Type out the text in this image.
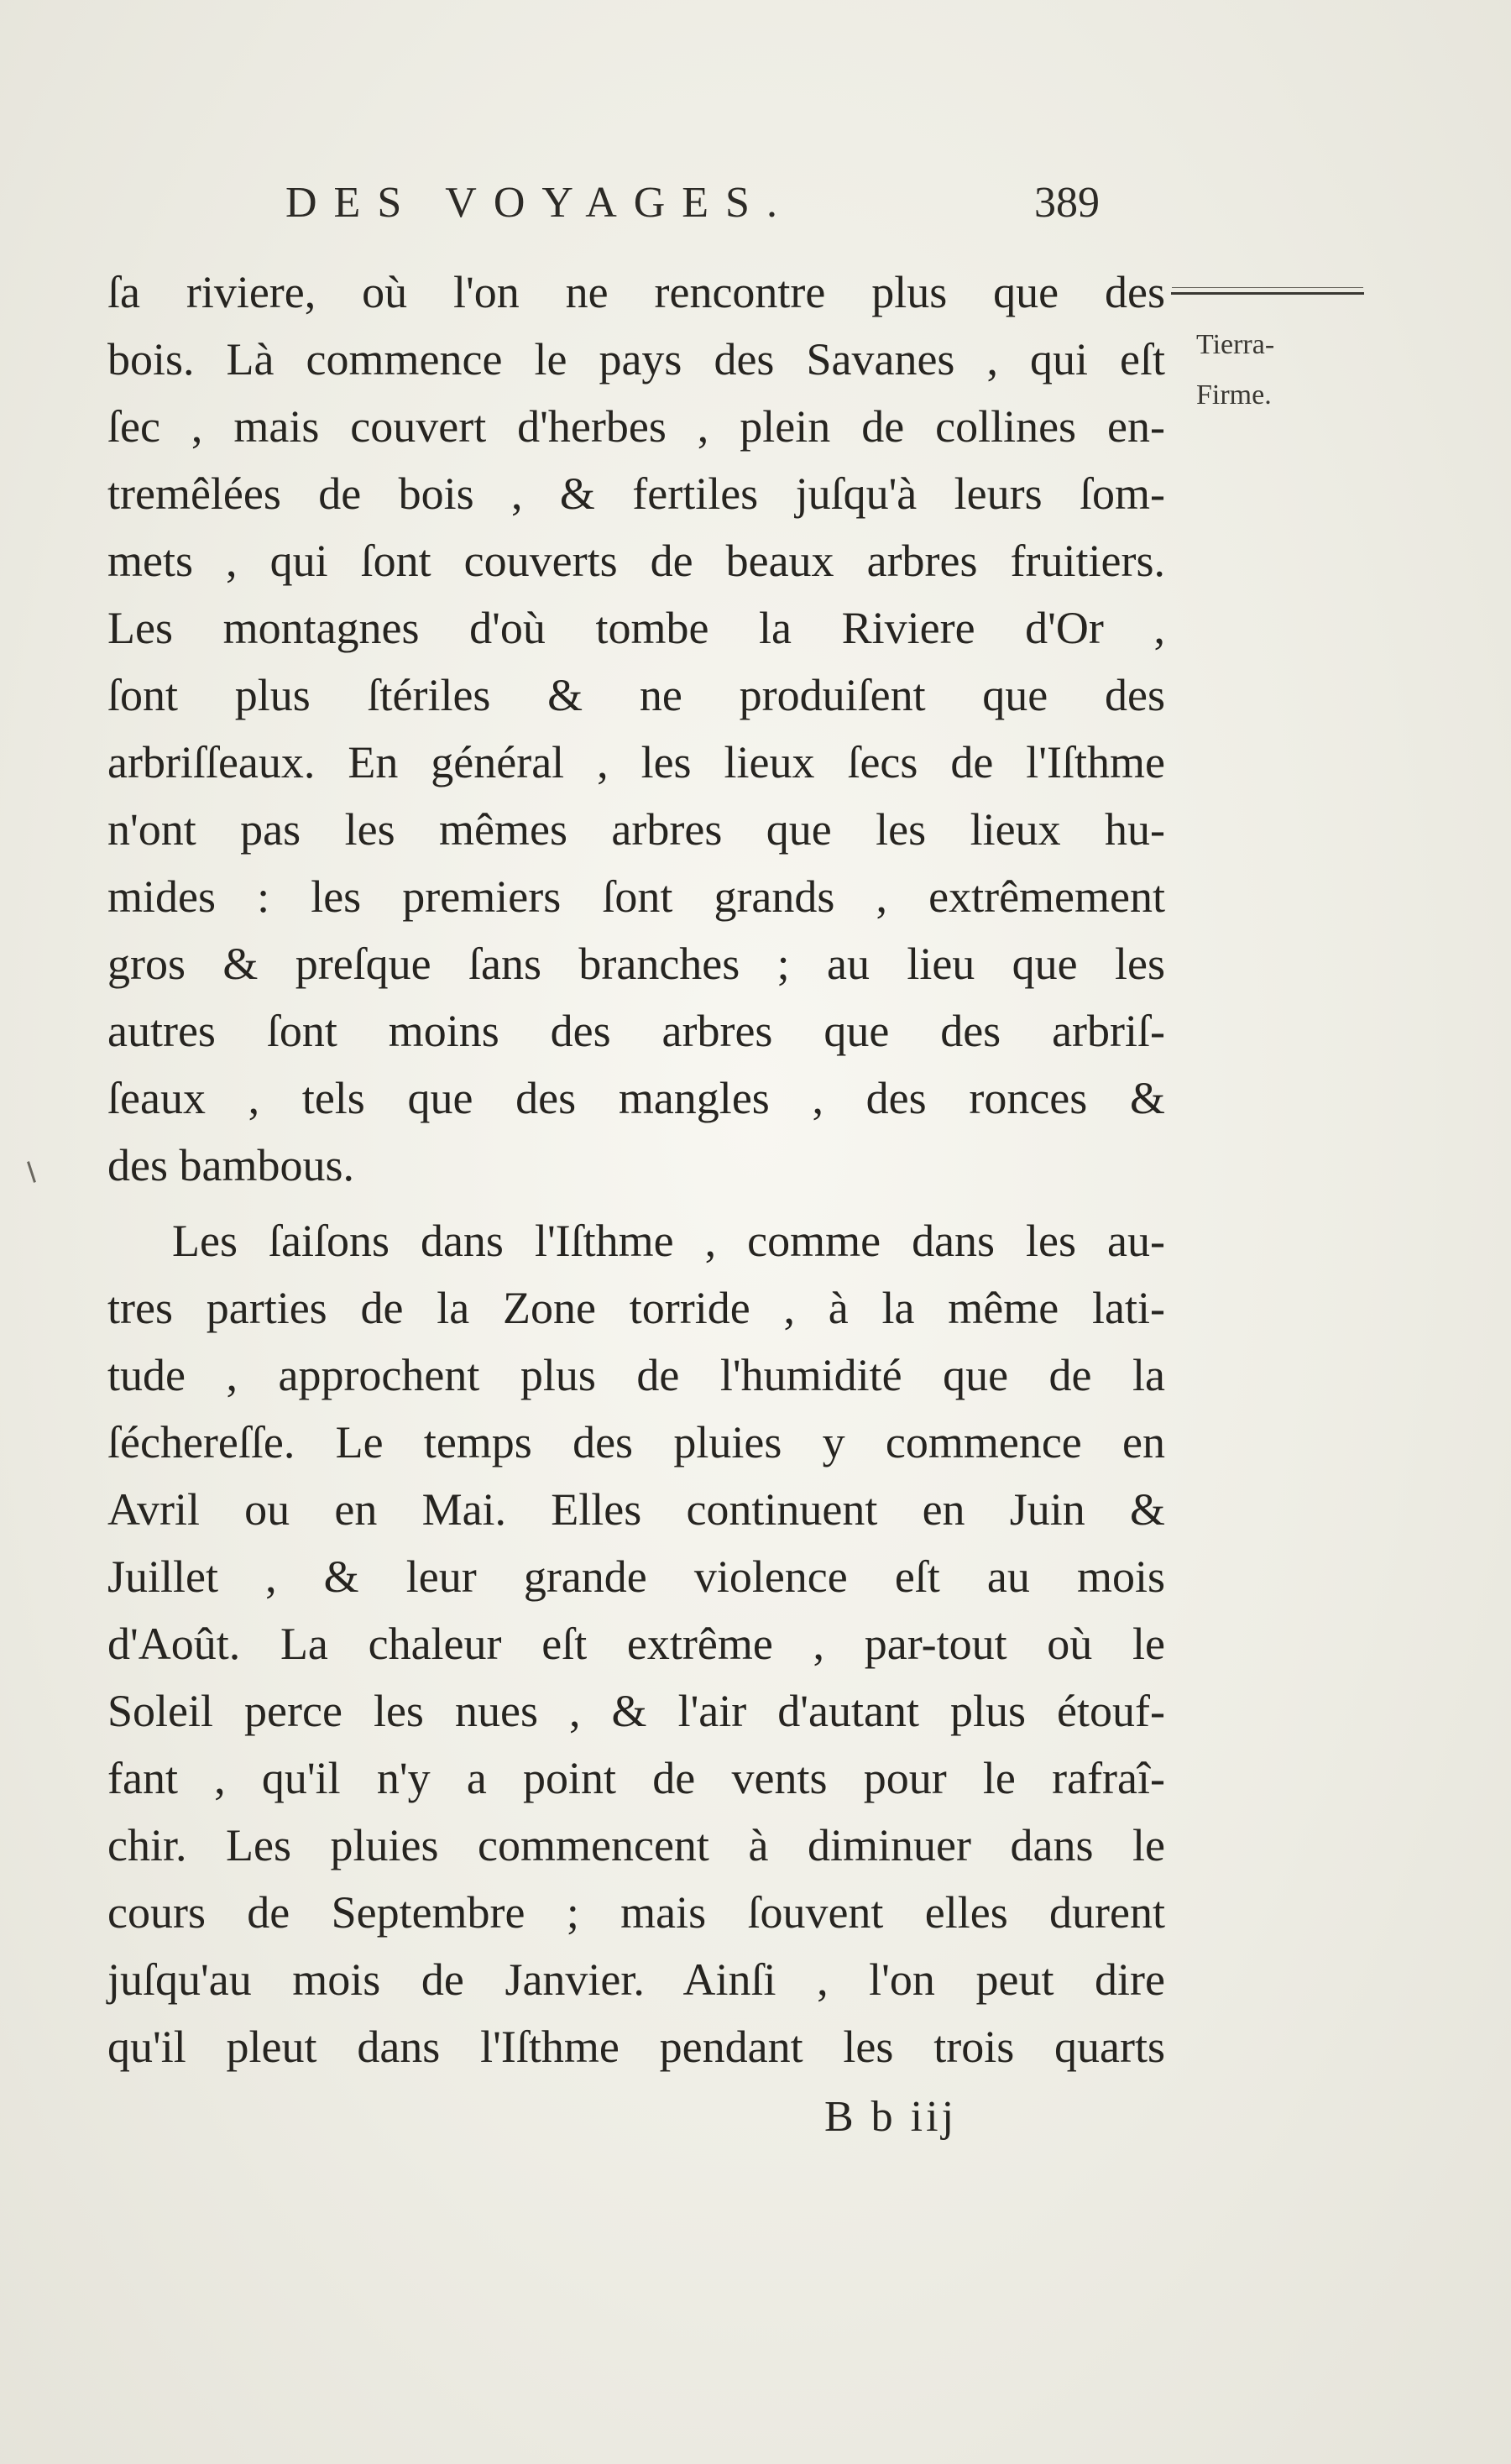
DES VOYAGES.	389
Tierra-
Firme.
ſa riviere, où l'on ne rencontre plus que des
bois. Là commence le pays des Savanes , qui eſt
ſec , mais couvert d'herbes , plein de collines en-
tremêlées de bois , & fertiles juſqu'à leurs ſom-
mets , qui ſont couverts de beaux arbres fruitiers.
Les montagnes d'où tombe la Riviere d'Or ,
ſont plus ſtériles & ne produiſent que des
arbriſſeaux. En général , les lieux ſecs de l'Iſthme
n'ont pas les mêmes arbres que les lieux hu-
mides : les premiers ſont grands , extrêmement
gros & preſque ſans branches ; au lieu que les
autres ſont moins des arbres que des arbriſ-
ſeaux , tels que des mangles , des ronces &
des bambous.
Les ſaiſons dans l'Iſthme , comme dans les au-
tres parties de la Zone torride , à la même lati-
tude , approchent plus de l'humidité que de la
ſéchereſſe. Le temps des pluies y commence en
Avril ou en Mai. Elles continuent en Juin &
Juillet , & leur grande violence eſt au mois
d'Août. La chaleur eſt extrême , par-tout où le
Soleil perce les nues , & l'air d'autant plus étouf-
fant , qu'il n'y a point de vents pour le rafraî-
chir. Les pluies commencent à diminuer dans le
cours de Septembre ; mais ſouvent elles durent
juſqu'au mois de Janvier. Ainſi , l'on peut dire
qu'il pleut dans l'Iſthme pendant les trois quarts
B b iij
